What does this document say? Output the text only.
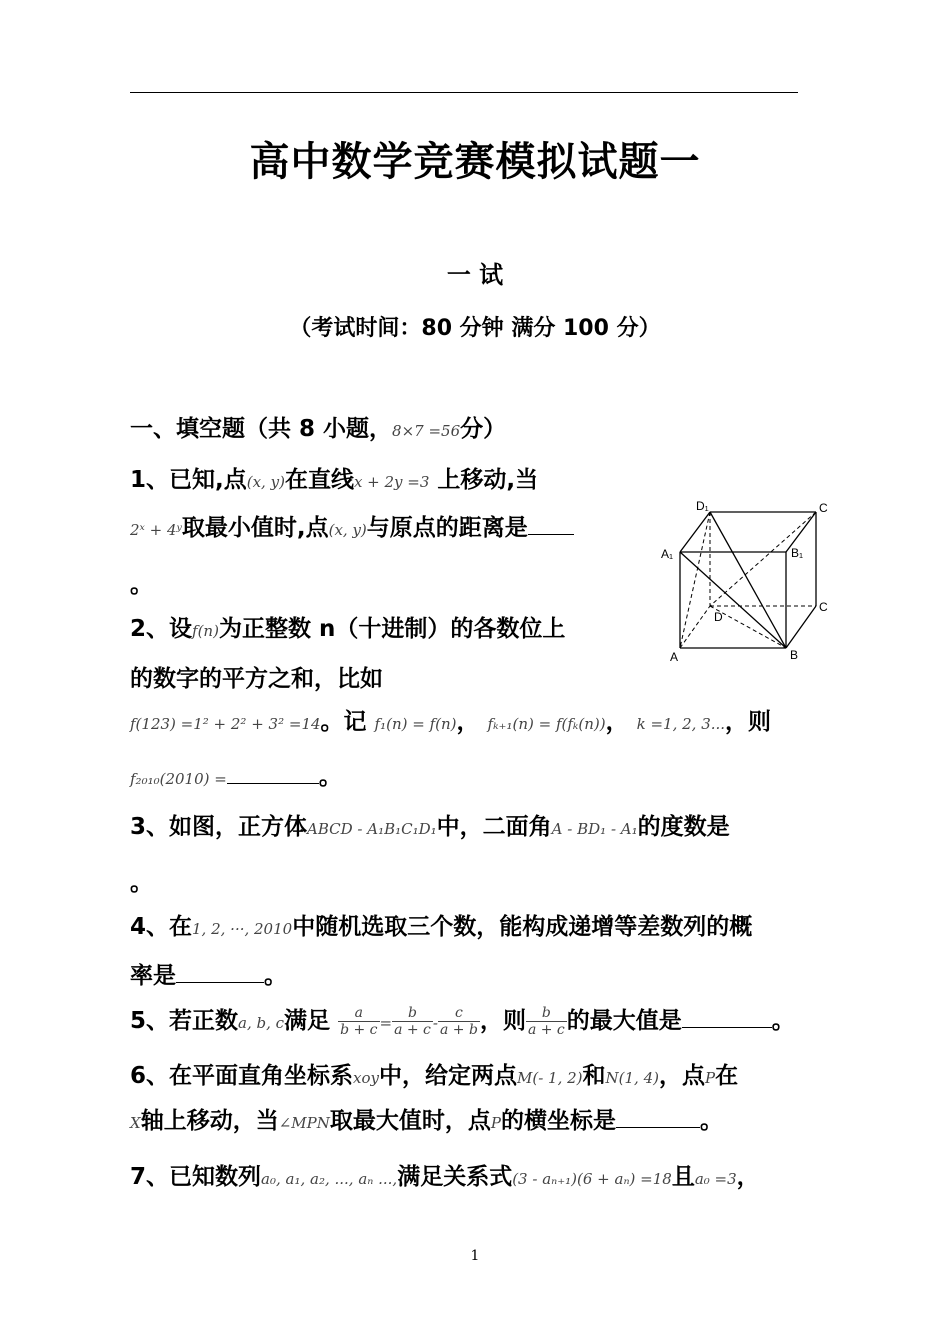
高中数学竞赛模拟试题一
一 试
（考试时间：80 分钟 满分 100 分）
一、填空题（共 8 小题，8×7 =56分）
1、已知,点(x, y)在直线x + 2y =3 上移动,当
2ˣ + 4ʸ取最小值时,点(x, y)与原点的距离是
。
2、设f(n)为正整数 n（十进制）的各数位上
的数字的平方之和，比如
f(123) =1² + 2² + 3² =14。记 f₁(n) = f(n)， fₖ₊₁(n) = f(fₖ(n))， k =1, 2, 3...，则
f₂₀₁₀(2010) =	。
3、如图，正方体ABCD - A₁B₁C₁D₁中，二面角A - BD₁ - A₁的度数是
。
4、在1, 2, ···, 2010中随机选取三个数，能构成递增等差数列的概
率是	。
5、若正数a, b, c满足 $\frac{a}{b + c} = \frac{b}{a + c} - \frac{c}{a + b}$ ，则 $\frac{b}{a + c}$ 的最大值是	。
6、在平面直角坐标系xoy中，给定两点M(- 1, 2)和N(1, 4)，点P在
X轴上移动，当∠MPN取最大值时，点P的横坐标是	。
7、已知数列a₀, a₁, a₂, ..., aₙ ...,满足关系式(3 - aₙ₊₁)(6 + aₙ) =18且a₀ =3，
D₁	C
A₁	B₁
C
D
A	B
1
